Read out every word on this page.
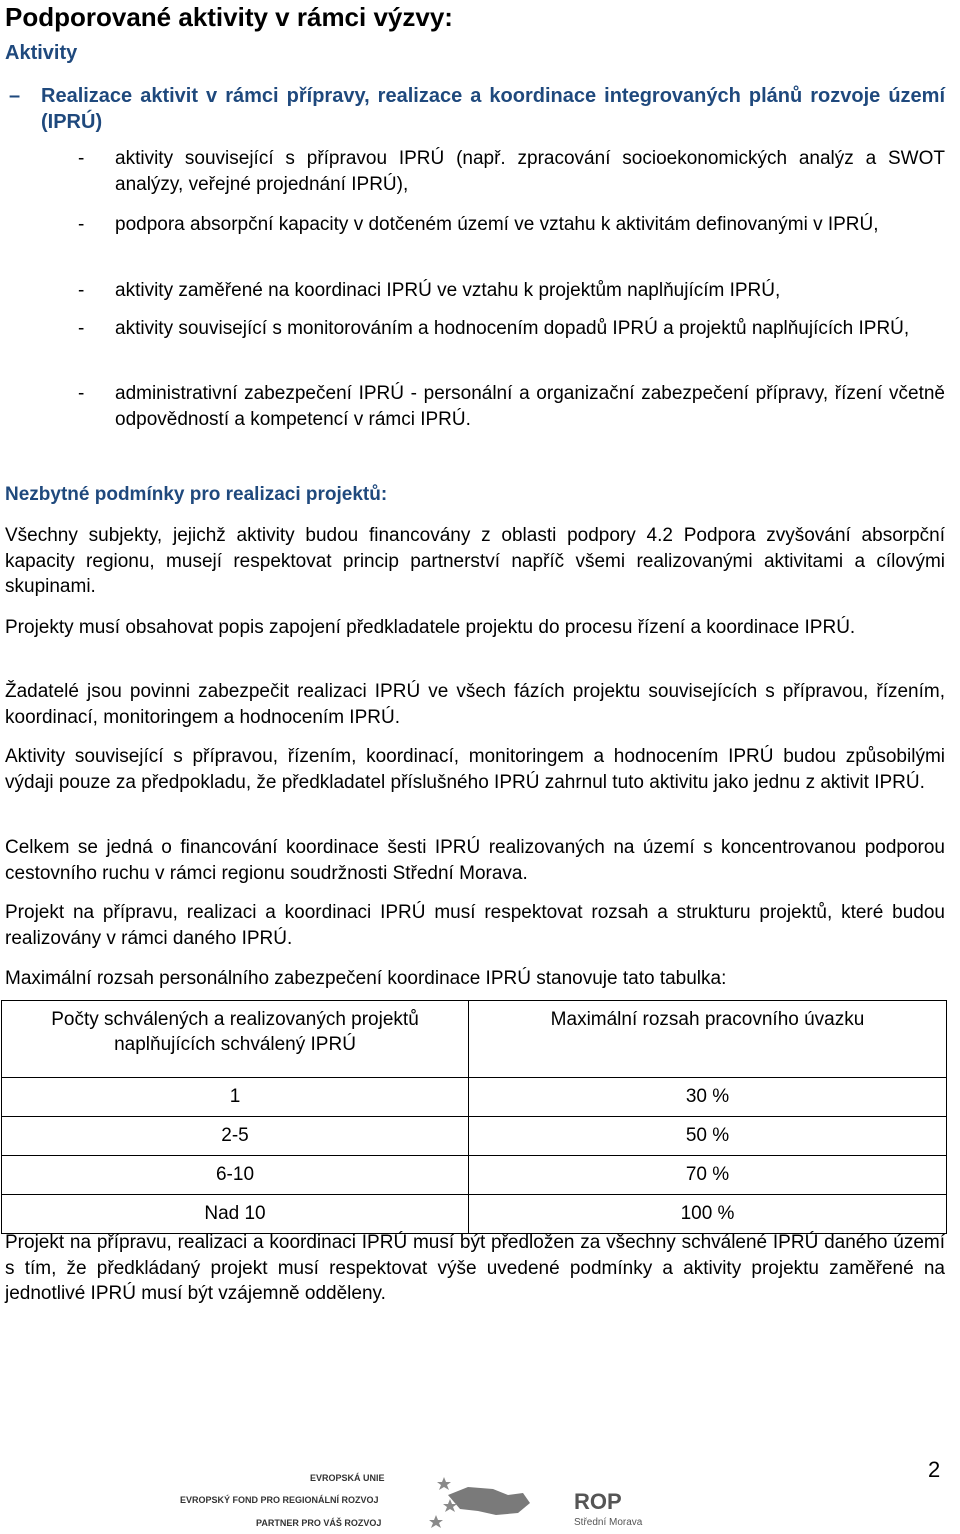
Podporované aktivity v rámci výzvy:
Aktivity
– Realizace aktivit v rámci přípravy, realizace a koordinace integrovaných plánů rozvoje území (IPRÚ)
- aktivity související s přípravou IPRÚ (např. zpracování socioekonomických analýz a SWOT analýzy, veřejné projednání IPRÚ),
- podpora absorpční kapacity v dotčeném území ve vztahu k aktivitám definovanými v IPRÚ,
- aktivity zaměřené na koordinaci IPRÚ ve vztahu k projektům naplňujícím IPRÚ,
- aktivity související s monitorováním a hodnocením dopadů IPRÚ a projektů naplňujících IPRÚ,
- administrativní zabezpečení IPRÚ - personální a organizační zabezpečení přípravy, řízení včetně odpovědností a kompetencí v rámci IPRÚ.
Nezbytné podmínky pro realizaci projektů:
Všechny subjekty, jejichž aktivity budou financovány z oblasti podpory 4.2 Podpora zvyšování absorpční kapacity regionu, musejí respektovat princip partnerství napříč všemi realizovanými aktivitami a cílovými skupinami.
Projekty musí obsahovat popis zapojení předkladatele projektu do procesu řízení a koordinace IPRÚ.
Žadatelé jsou povinni zabezpečit realizaci IPRÚ ve všech fázích projektu souvisejících s přípravou, řízením, koordinací, monitoringem a hodnocením IPRÚ.
Aktivity související s přípravou, řízením, koordinací, monitoringem a hodnocením IPRÚ budou způsobilými výdaji pouze za předpokladu, že předkladatel příslušného IPRÚ zahrnul tuto aktivitu jako jednu z aktivit IPRÚ.
Celkem se jedná o financování koordinace šesti IPRÚ realizovaných na území s koncentrovanou podporou cestovního ruchu v rámci regionu soudržnosti Střední Morava.
Projekt na přípravu, realizaci a koordinaci IPRÚ musí respektovat rozsah a strukturu projektů, které budou realizovány v rámci daného IPRÚ.
Maximální rozsah personálního zabezpečení koordinace IPRÚ stanovuje tato tabulka:
Počty schválených a realizovaných projektů naplňujících schválený IPRÚ	Maximální rozsah pracovního úvazku
1	30 %
2-5	50 %
6-10	70 %
Nad 10	100 %
Projekt na přípravu, realizaci a koordinaci IPRÚ musí být předložen za všechny schválené IPRÚ daného území s tím, že předkládaný projekt musí respektovat výše uvedené podmínky a aktivity projektu zaměřené na jednotlivé IPRÚ musí být vzájemně odděleny.
2
EVROPSKÁ UNIE
EVROPSKÝ FOND PRO REGIONÁLNÍ ROZVOJ
PARTNER PRO VÁŠ ROZVOJ
ROP
Střední Morava
